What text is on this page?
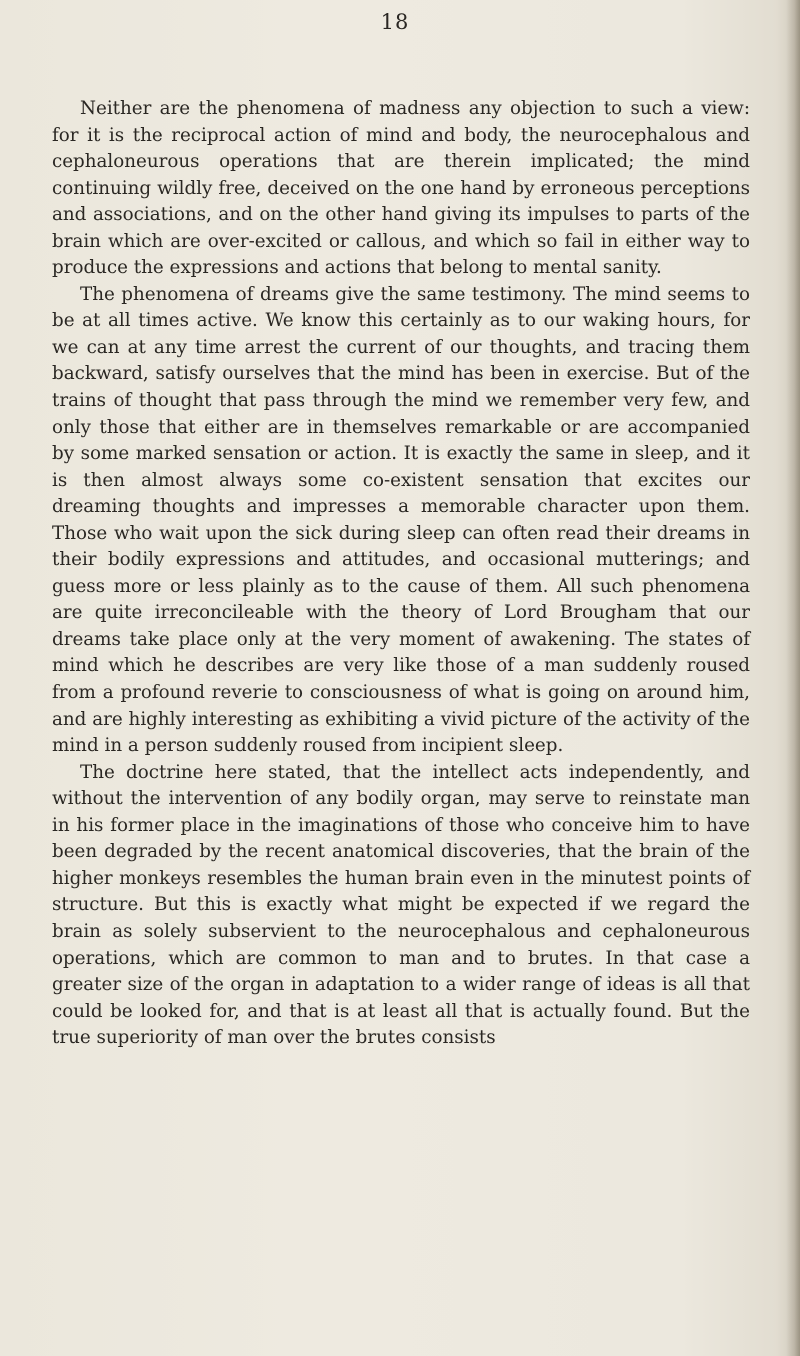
18

Neither are the phenomena of madness any objection to such a view: for it is the reciprocal action of mind and body, the neurocephalous and cephaloneurous operations that are therein implicated; the mind continuing wildly free, deceived on the one hand by erroneous perceptions and associations, and on the other hand giving its impulses to parts of the brain which are over-excited or callous, and which so fail in either way to produce the expressions and actions that belong to mental sanity.

The phenomena of dreams give the same testimony. The mind seems to be at all times active. We know this certainly as to our waking hours, for we can at any time arrest the current of our thoughts, and tracing them backward, satisfy ourselves that the mind has been in exercise. But of the trains of thought that pass through the mind we remember very few, and only those that either are in themselves remarkable or are accompanied by some marked sensation or action. It is exactly the same in sleep, and it is then almost always some co-existent sensation that excites our dreaming thoughts and impresses a memorable character upon them. Those who wait upon the sick during sleep can often read their dreams in their bodily expressions and attitudes, and occasional mutterings; and guess more or less plainly as to the cause of them. All such phenomena are quite irreconcileable with the theory of Lord Brougham that our dreams take place only at the very moment of awakening. The states of mind which he describes are very like those of a man suddenly roused from a profound reverie to consciousness of what is going on around him, and are highly interesting as exhibiting a vivid picture of the activity of the mind in a person suddenly roused from incipient sleep.

The doctrine here stated, that the intellect acts independently, and without the intervention of any bodily organ, may serve to reinstate man in his former place in the imaginations of those who conceive him to have been degraded by the recent anatomical discoveries, that the brain of the higher monkeys resembles the human brain even in the minutest points of structure. But this is exactly what might be expected if we regard the brain as solely subservient to the neurocephalous and cephaloneurous operations, which are common to man and to brutes. In that case a greater size of the organ in adaptation to a wider range of ideas is all that could be looked for, and that is at least all that is actually found. But the true superiority of man over the brutes consists
